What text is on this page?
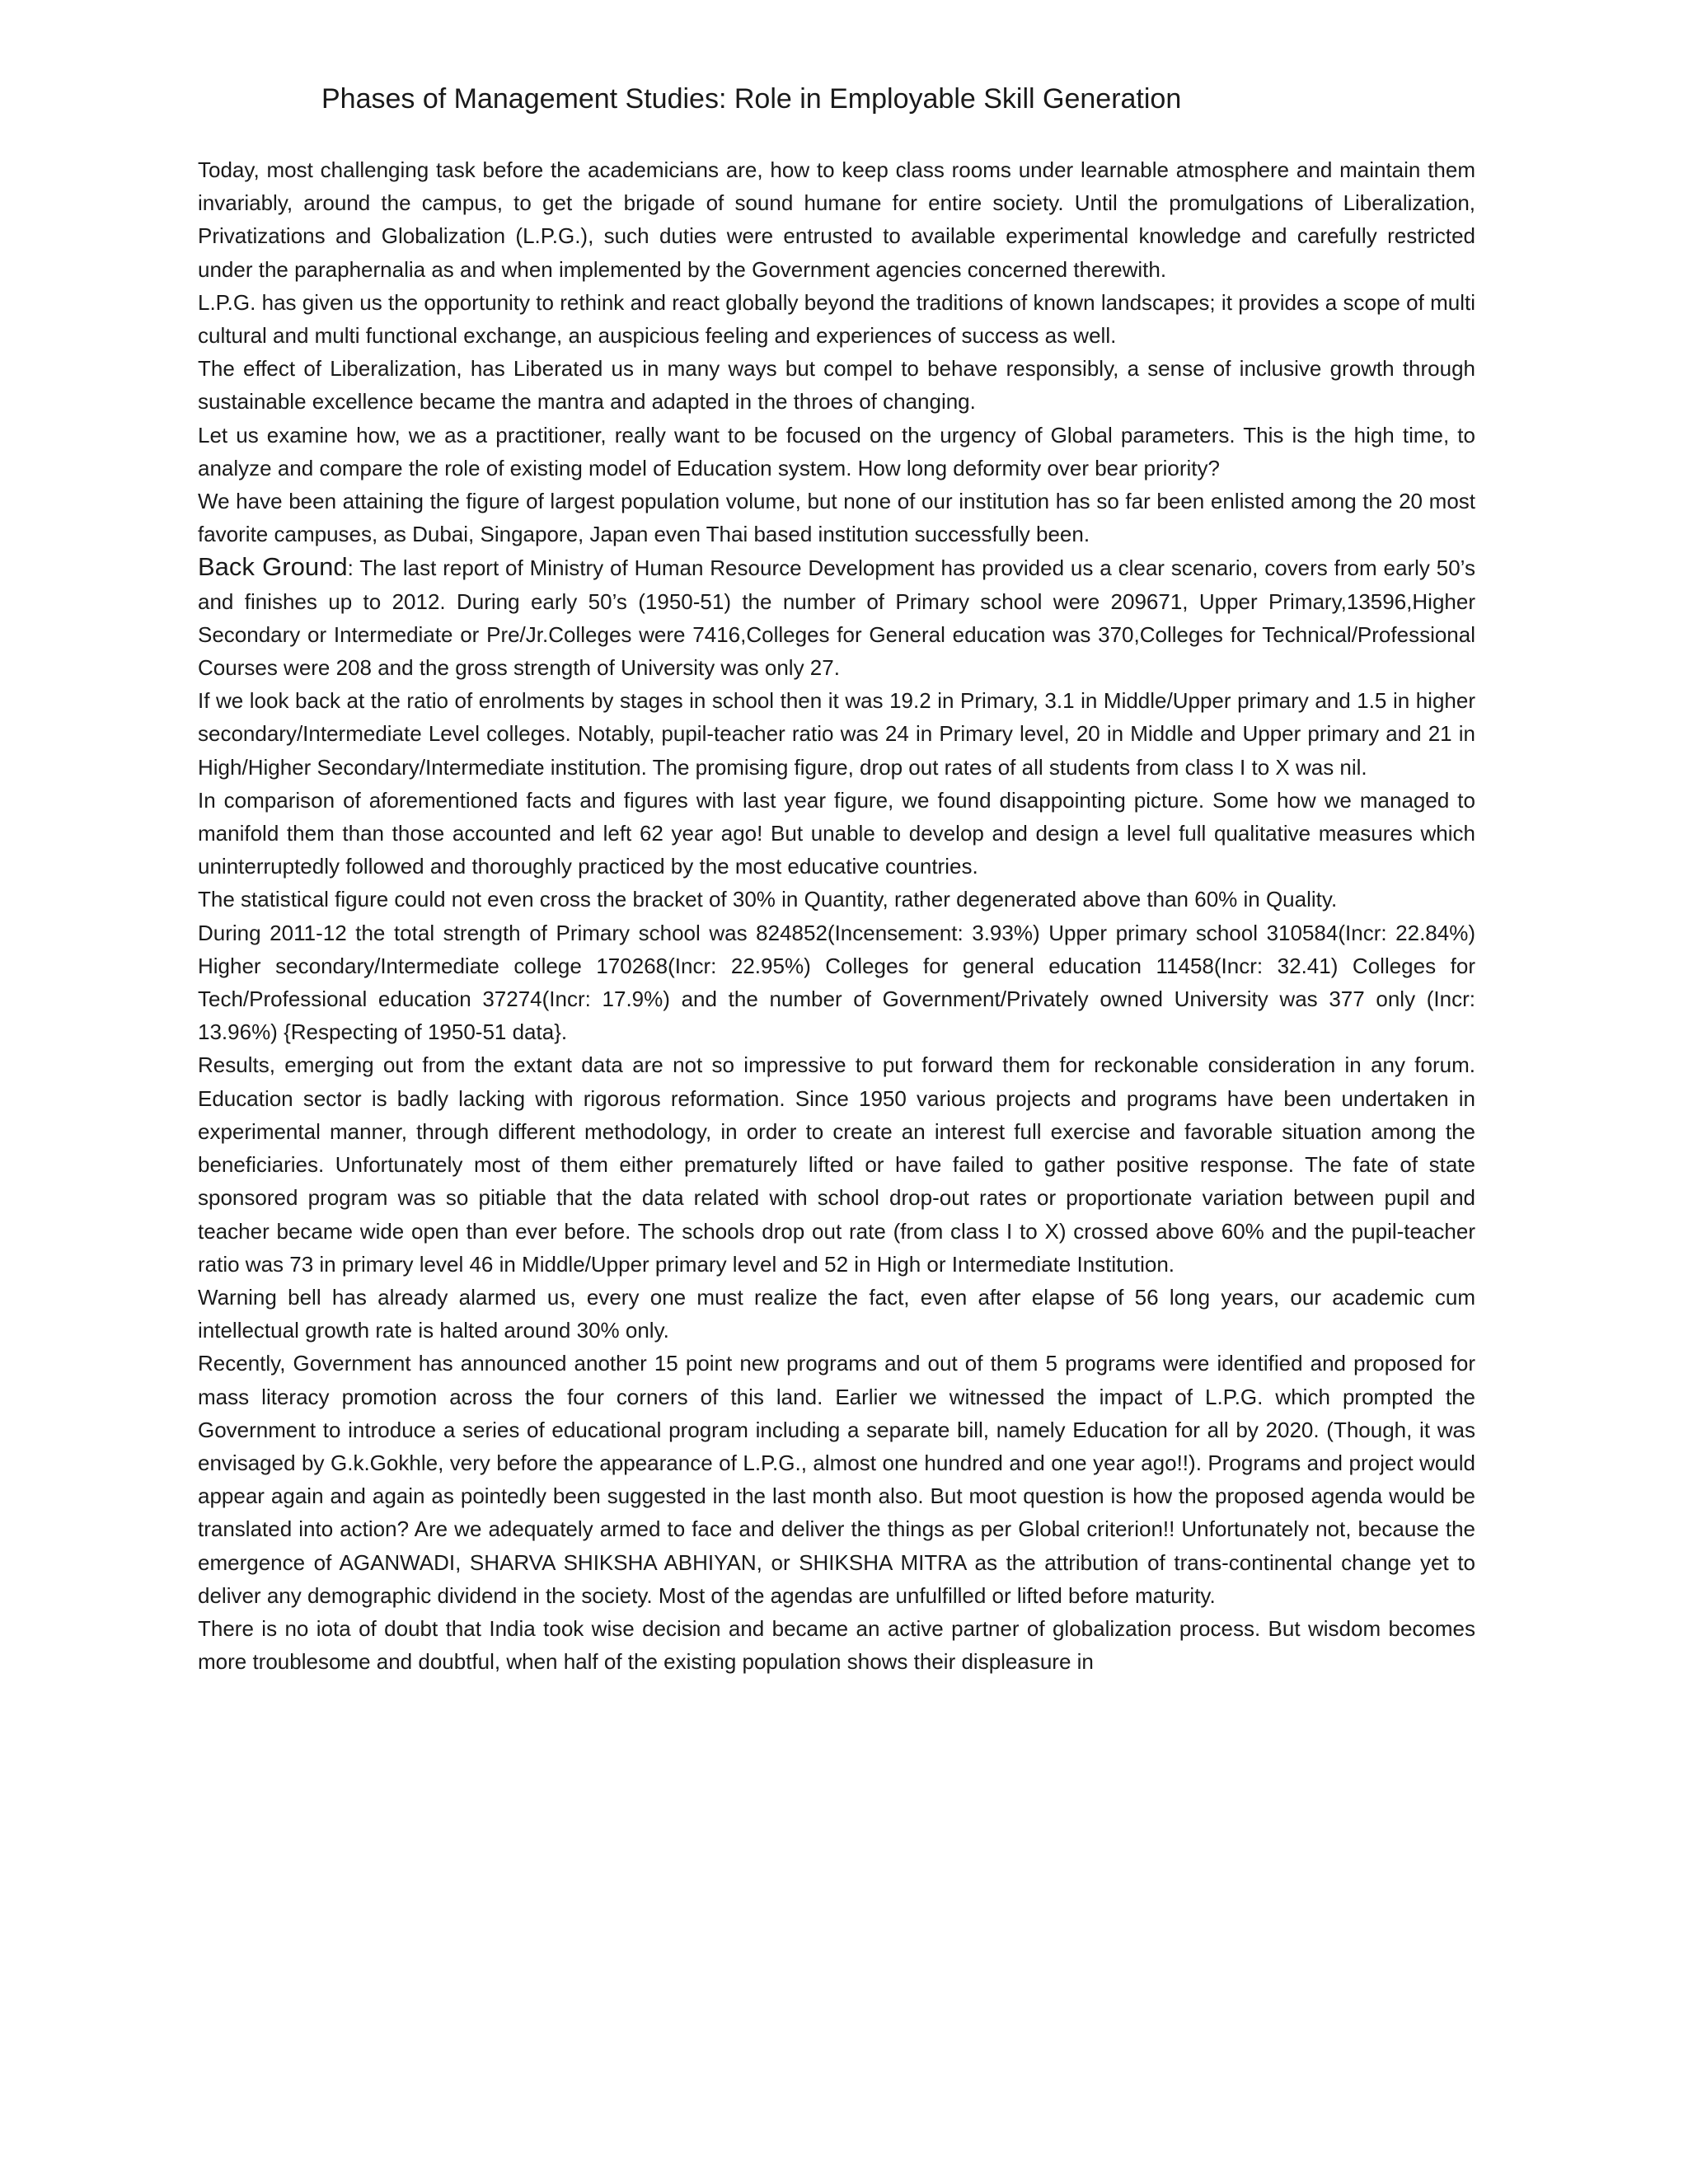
Phases of Management Studies: Role in Employable Skill Generation

Today, most challenging task before the academicians are, how to keep class rooms under learnable atmosphere and maintain them invariably, around the campus, to get the brigade of sound humane for entire society. Until the promulgations of Liberalization, Privatizations and Globalization (L.P.G.), such duties were entrusted to available experimental knowledge and carefully restricted under the paraphernalia as and when implemented by the Government agencies concerned therewith.

L.P.G. has given us the opportunity to rethink and react globally beyond the traditions of known landscapes; it provides a scope of multi cultural and multi functional exchange, an auspicious feeling and experiences of success as well.

The effect of Liberalization, has Liberated us in many ways but compel to behave responsibly, a sense of inclusive growth through sustainable excellence became the mantra and adapted in the throes of changing.

Let us examine how, we as a practitioner, really want to be focused on the urgency of Global parameters. This is the high time, to analyze and compare the role of existing model of Education system. How long deformity over bear priority?

We have been attaining the figure of largest population volume, but none of our institution has so far been enlisted among the 20 most favorite campuses, as Dubai, Singapore, Japan even Thai based institution successfully been.

Back Ground: The last report of Ministry of Human Resource Development has provided us a clear scenario, covers from early 50’s and finishes up to 2012. During early 50’s (1950-51) the number of Primary school were 209671, Upper Primary,13596,Higher Secondary or Intermediate or Pre/Jr.Colleges were 7416,Colleges for General education was 370,Colleges for Technical/Professional Courses were 208 and the gross strength of University was only 27.

If we look back at the ratio of enrolments by stages in school then it was 19.2 in Primary, 3.1 in Middle/Upper primary and 1.5 in higher secondary/Intermediate Level colleges. Notably, pupil-teacher ratio was 24 in Primary level, 20 in Middle and Upper primary and 21 in High/Higher Secondary/Intermediate institution. The promising figure, drop out rates of all students from class I to X was nil.

In comparison of aforementioned facts and figures with last year figure, we found disappointing picture. Some how we managed to manifold them than those accounted and left 62 year ago! But unable to develop and design a level full qualitative measures which uninterruptedly followed and thoroughly practiced by the most educative countries.

The statistical figure could not even cross the bracket of 30% in Quantity, rather degenerated above than 60% in Quality.

During 2011-12 the total strength of Primary school was 824852(Incensement: 3.93%) Upper primary school 310584(Incr: 22.84%) Higher secondary/Intermediate college 170268(Incr: 22.95%) Colleges for general education 11458(Incr: 32.41) Colleges for Tech/Professional education 37274(Incr: 17.9%) and the number of Government/Privately owned University was 377 only (Incr: 13.96%) {Respecting of 1950-51 data}.

Results, emerging out from the extant data are not so impressive to put forward them for reckonable consideration in any forum. Education sector is badly lacking with rigorous reformation. Since 1950 various projects and programs have been undertaken in experimental manner, through different methodology, in order to create an interest full exercise and favorable situation among the beneficiaries. Unfortunately most of them either prematurely lifted or have failed to gather positive response. The fate of state sponsored program was so pitiable that the data related with school drop-out rates or proportionate variation between pupil and teacher became wide open than ever before. The schools drop out rate (from class I to X) crossed above 60% and the pupil-teacher ratio was 73 in primary level 46 in Middle/Upper primary level and 52 in High or Intermediate Institution.

Warning bell has already alarmed us, every one must realize the fact, even after elapse of 56 long years, our academic cum intellectual growth rate is halted around 30% only.

Recently, Government has announced another 15 point new programs and out of them 5 programs were identified and proposed for mass literacy promotion across the four corners of this land. Earlier we witnessed the impact of L.P.G. which prompted the Government to introduce a series of educational program including a separate bill, namely Education for all by 2020. (Though, it was envisaged by G.k.Gokhle, very before the appearance of L.P.G., almost one hundred and one year ago!!). Programs and project would appear again and again as pointedly been suggested in the last month also. But moot question is how the proposed agenda would be translated into action? Are we adequately armed to face and deliver the things as per Global criterion!! Unfortunately not, because the emergence of AGANWADI, SHARVA SHIKSHA ABHIYAN, or SHIKSHA MITRA as the attribution of trans-continental change yet to deliver any demographic dividend in the society. Most of the agendas are unfulfilled or lifted before maturity.

There is no iota of doubt that India took wise decision and became an active partner of globalization process. But wisdom becomes more troublesome and doubtful, when half of the existing population shows their displeasure in
